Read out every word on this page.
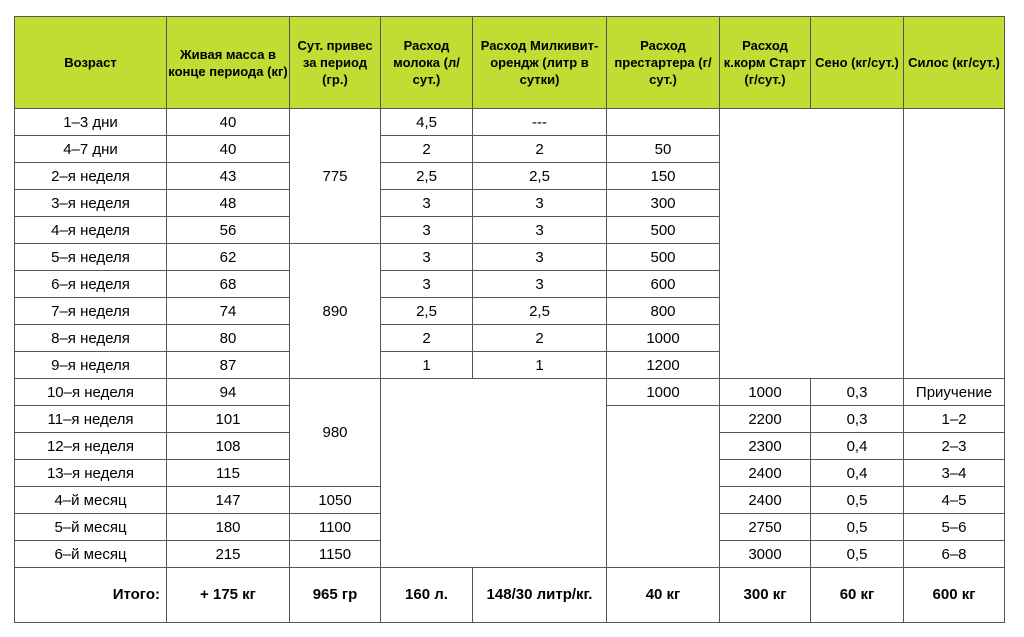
Возраст	Живая масса в конце периода (кг)	Сут. привес за период (гр.)	Расход молока (л/сут.)	Расход Милкивит-орендж (литр в сутки)	Расход престартера (г/сут.)	Расход к.корм Старт (г/сут.)	Сено (кг/сут.)	Силос (кг/сут.)
1–3 дни	40	775	4,5	---				
4–7 дни	40		2	2	50			
2–я неделя	43		2,5	2,5	150			
3–я неделя	48		3	3	300			
4–я неделя	56		3	3	500			
5–я неделя	62	890	3	3	500			
6–я неделя	68		3	3	600			
7–я неделя	74		2,5	2,5	800			
8–я неделя	80		2	2	1000			
9–я неделя	87		1	1	1200			
10–я неделя	94	980			1000	1000	0,3	Приучение
11–я неделя	101					2200	0,3	1–2
12–я неделя	108					2300	0,4	2–3
13–я неделя	115					2400	0,4	3–4
4–й месяц	147	1050				2400	0,5	4–5
5–й месяц	180	1100				2750	0,5	5–6
6–й месяц	215	1150				3000	0,5	6–8
Итого:	+ 175 кг	965 гр	160 л.	148/30 литр/кг.	40 кг	300 кг	60 кг	600 кг
